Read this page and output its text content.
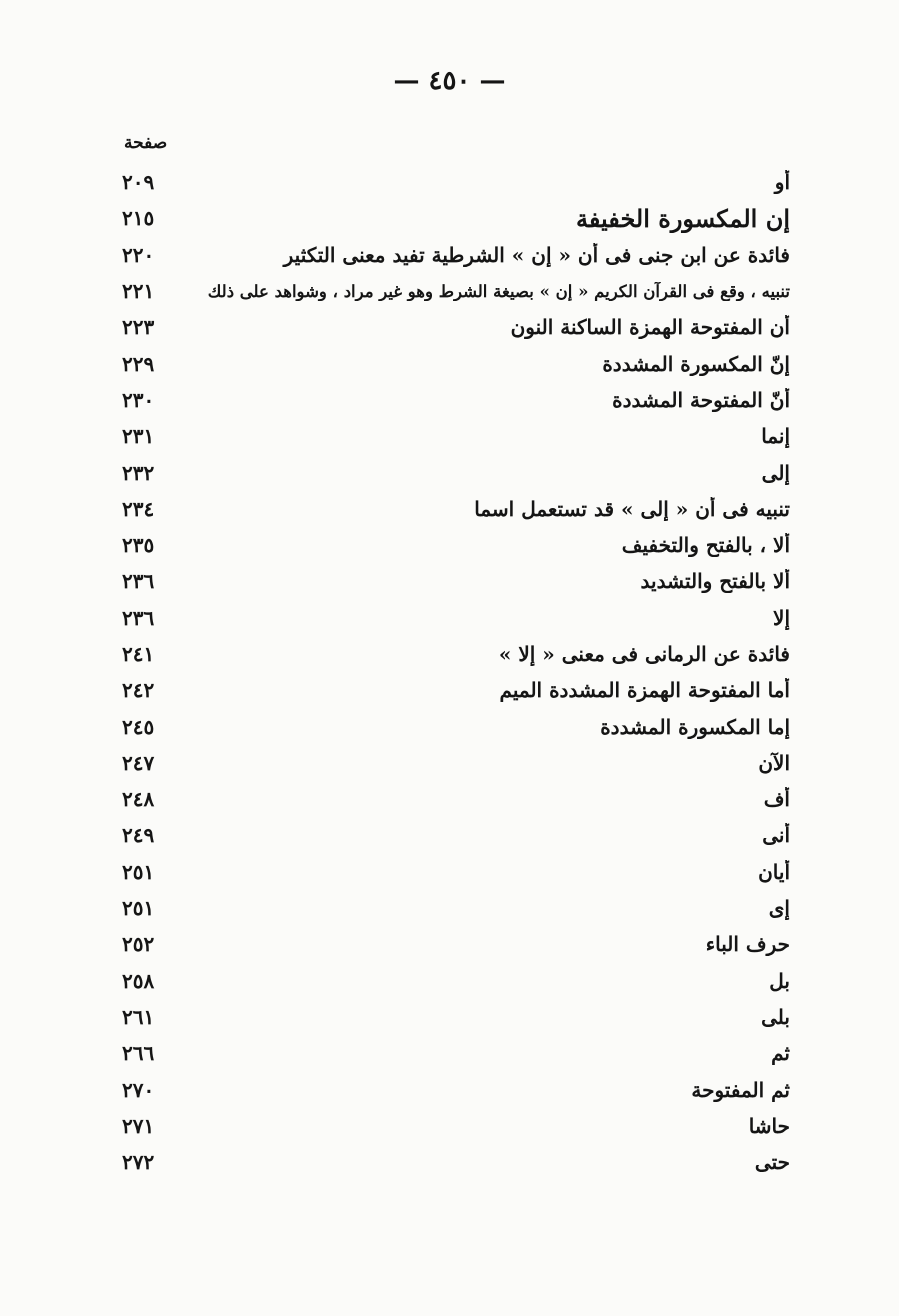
— ٤٥٠ —
صفحة
٢٠٩	أو
٢١٥	إن المكسورة الخفيفة
٢٢٠	فائدة عن ابن جنى فى أن « إن » الشرطية تفيد معنى التكثير
٢٢١	تنبيه ، وقع فى القرآن الكريم « إن » بصيغة الشرط وهو غير مراد ، وشواهد على ذلك
٢٢٣	أن المفتوحة الهمزة الساكنة النون
٢٢٩	إنّ المكسورة المشددة
٢٣٠	أنّ المفتوحة المشددة
٢٣١	إنما
٢٣٢	إلى
٢٣٤	تنبيه فى أن « إلى » قد تستعمل اسما
٢٣٥	ألا ، بالفتح والتخفيف
٢٣٦	ألا بالفتح والتشديد
٢٣٦	إلا
٢٤١	فائدة عن الرمانى فى معنى « إلا »
٢٤٢	أما المفتوحة الهمزة المشددة الميم
٢٤٥	إما المكسورة المشددة
٢٤٧	الآن
٢٤٨	أف
٢٤٩	أنى
٢٥١	أيان
٢٥١	إى
٢٥٢	حرف الباء
٢٥٨	بل
٢٦١	بلى
٢٦٦	ثم
٢٧٠	ثم المفتوحة
٢٧١	حاشا
٢٧٢	حتى
